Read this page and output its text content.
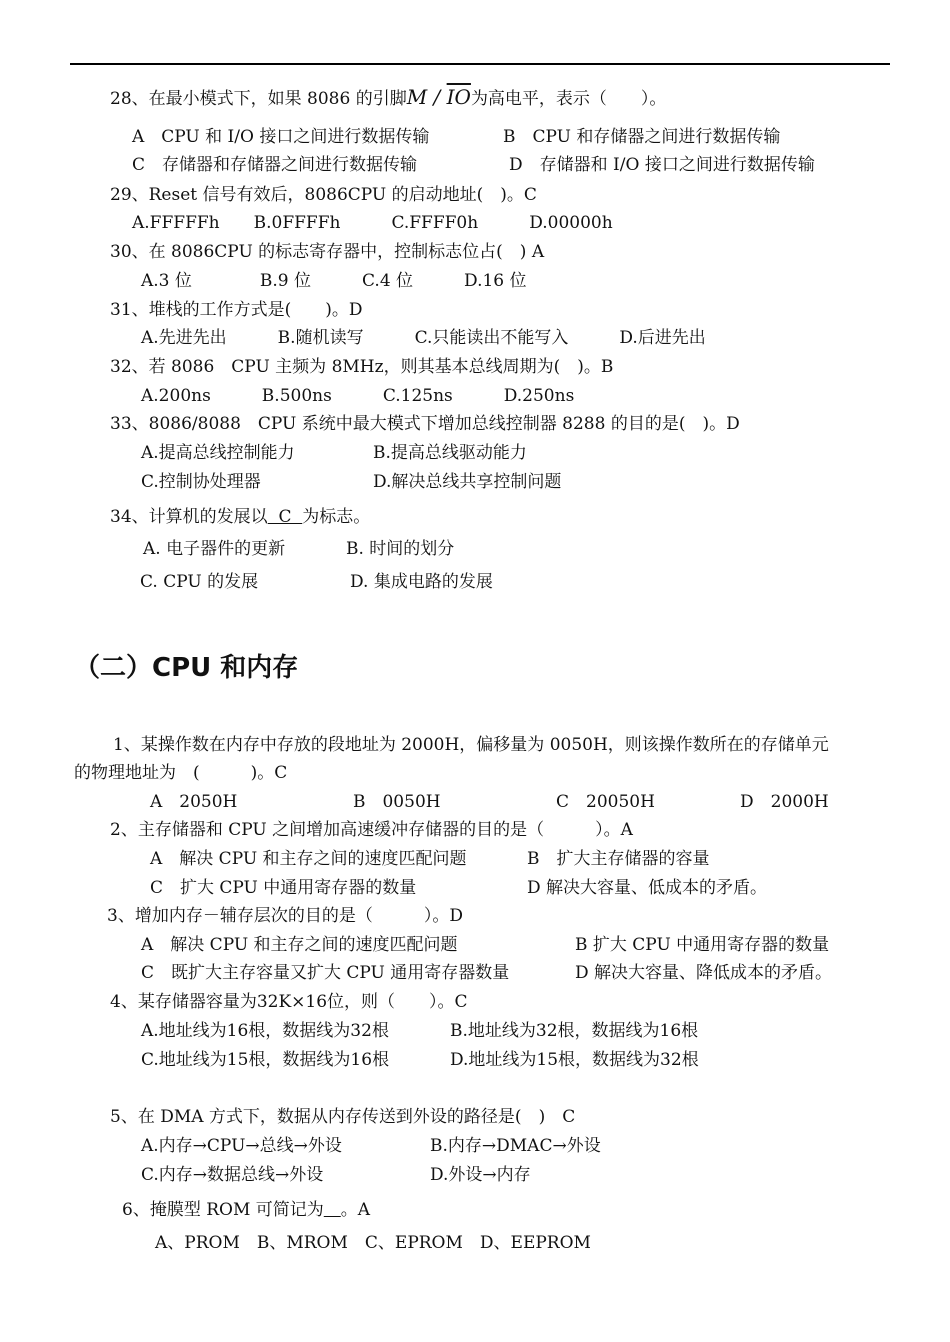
28、在最小模式下，如果 8086 的引脚M / $\overline{IO}$为高电平，表示（　　）。
A　CPU 和 I/O 接口之间进行数据传输	B　CPU 和存储器之间进行数据传输
C　存储器和存储器之间进行数据传输	D　存储器和 I/O 接口之间进行数据传输
29、Reset 信号有效后，8086CPU 的启动地址(　)。C
A.FFFFFh　　B.0FFFFh　　　C.FFFF0h　　　D.00000h
30、在 8086CPU 的标志寄存器中，控制标志位占(　) A
A.3 位　　　　B.9 位　　　C.4 位　　　D.16 位
31、堆栈的工作方式是(　　)。D
A.先进先出　　　B.随机读写　　　C.只能读出不能写入　　　D.后进先出
32、若 8086　CPU 主频为 8MHz，则其基本总线周期为(　)。B
A.200ns　　　B.500ns　　　C.125ns　　　D.250ns
33、8086/8088　CPU 系统中最大模式下增加总线控制器 8288 的目的是(　)。D
A.提高总线控制能力	B.提高总线驱动能力
C.控制协处理器	D.解决总线共享控制问题
34、计算机的发展以  C  为标志。
A. 电子器件的更新	B. 时间的划分
C. CPU 的发展	D. 集成电路的发展
（二）CPU 和内存
1、某操作数在内存中存放的段地址为 2000H，偏移量为 0050H，则该操作数所在的存储单元
的物理地址为　(　　　)。C
A　2050H	B　0050H	C　20050H	D　2000H
2、主存储器和 CPU 之间增加高速缓冲存储器的目的是（　　　）。A
A　解决 CPU 和主存之间的速度匹配问题	B　扩大主存储器的容量
C　扩大 CPU 中通用寄存器的数量	D 解决大容量、低成本的矛盾。
3、增加内存－辅存层次的目的是（　　　）。D
A　解决 CPU 和主存之间的速度匹配问题	B 扩大 CPU 中通用寄存器的数量
C　既扩大主存容量又扩大 CPU 通用寄存器数量	D 解决大容量、降低成本的矛盾。
4、某存储器容量为32K×16位，则（　　）。C
A.地址线为16根，数据线为32根	B.地址线为32根，数据线为16根
C.地址线为15根，数据线为16根	D.地址线为15根，数据线为32根
5、在 DMA 方式下，数据从内存传送到外设的路径是(　)　C
A.内存→CPU→总线→外设	B.内存→DMAC→外设
C.内存→数据总线→外设	D.外设→内存
6、掩膜型 ROM 可简记为　 。A
A、PROM　B、MROM　C、EPROM　D、EEPROM
